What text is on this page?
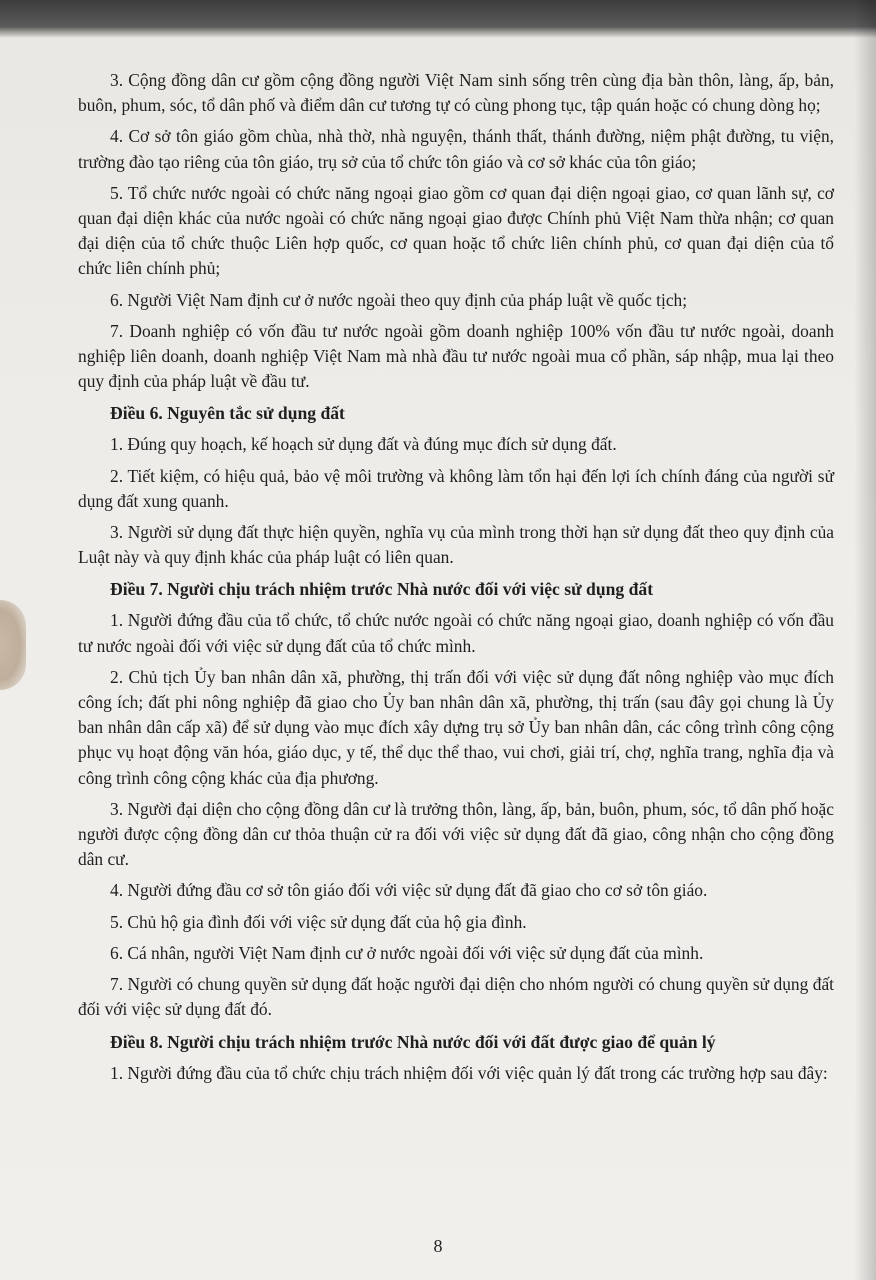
3. Cộng đồng dân cư gồm cộng đồng người Việt Nam sinh sống trên cùng địa bàn thôn, làng, ấp, bản, buôn, phum, sóc, tổ dân phố và điểm dân cư tương tự có cùng phong tục, tập quán hoặc có chung dòng họ;

4. Cơ sở tôn giáo gồm chùa, nhà thờ, nhà nguyện, thánh thất, thánh đường, niệm phật đường, tu viện, trường đào tạo riêng của tôn giáo, trụ sở của tổ chức tôn giáo và cơ sở khác của tôn giáo;

5. Tổ chức nước ngoài có chức năng ngoại giao gồm cơ quan đại diện ngoại giao, cơ quan lãnh sự, cơ quan đại diện khác của nước ngoài có chức năng ngoại giao được Chính phủ Việt Nam thừa nhận; cơ quan đại diện của tổ chức thuộc Liên hợp quốc, cơ quan hoặc tổ chức liên chính phủ, cơ quan đại diện của tổ chức liên chính phủ;

6. Người Việt Nam định cư ở nước ngoài theo quy định của pháp luật về quốc tịch;

7. Doanh nghiệp có vốn đầu tư nước ngoài gồm doanh nghiệp 100% vốn đầu tư nước ngoài, doanh nghiệp liên doanh, doanh nghiệp Việt Nam mà nhà đầu tư nước ngoài mua cổ phần, sáp nhập, mua lại theo quy định của pháp luật về đầu tư.

Điều 6. Nguyên tắc sử dụng đất

1. Đúng quy hoạch, kế hoạch sử dụng đất và đúng mục đích sử dụng đất.

2. Tiết kiệm, có hiệu quả, bảo vệ môi trường và không làm tổn hại đến lợi ích chính đáng của người sử dụng đất xung quanh.

3. Người sử dụng đất thực hiện quyền, nghĩa vụ của mình trong thời hạn sử dụng đất theo quy định của Luật này và quy định khác của pháp luật có liên quan.

Điều 7. Người chịu trách nhiệm trước Nhà nước đối với việc sử dụng đất

1. Người đứng đầu của tổ chức, tổ chức nước ngoài có chức năng ngoại giao, doanh nghiệp có vốn đầu tư nước ngoài đối với việc sử dụng đất của tổ chức mình.

2. Chủ tịch Ủy ban nhân dân xã, phường, thị trấn đối với việc sử dụng đất nông nghiệp vào mục đích công ích; đất phi nông nghiệp đã giao cho Ủy ban nhân dân xã, phường, thị trấn (sau đây gọi chung là Ủy ban nhân dân cấp xã) để sử dụng vào mục đích xây dựng trụ sở Ủy ban nhân dân, các công trình công cộng phục vụ hoạt động văn hóa, giáo dục, y tế, thể dục thể thao, vui chơi, giải trí, chợ, nghĩa trang, nghĩa địa và công trình công cộng khác của địa phương.

3. Người đại diện cho cộng đồng dân cư là trưởng thôn, làng, ấp, bản, buôn, phum, sóc, tổ dân phố hoặc người được cộng đồng dân cư thỏa thuận cử ra đối với việc sử dụng đất đã giao, công nhận cho cộng đồng dân cư.

4. Người đứng đầu cơ sở tôn giáo đối với việc sử dụng đất đã giao cho cơ sở tôn giáo.

5. Chủ hộ gia đình đối với việc sử dụng đất của hộ gia đình.

6. Cá nhân, người Việt Nam định cư ở nước ngoài đối với việc sử dụng đất của mình.

7. Người có chung quyền sử dụng đất hoặc người đại diện cho nhóm người có chung quyền sử dụng đất đối với việc sử dụng đất đó.

Điều 8. Người chịu trách nhiệm trước Nhà nước đối với đất được giao để quản lý

1. Người đứng đầu của tổ chức chịu trách nhiệm đối với việc quản lý đất trong các trường hợp sau đây:

8
